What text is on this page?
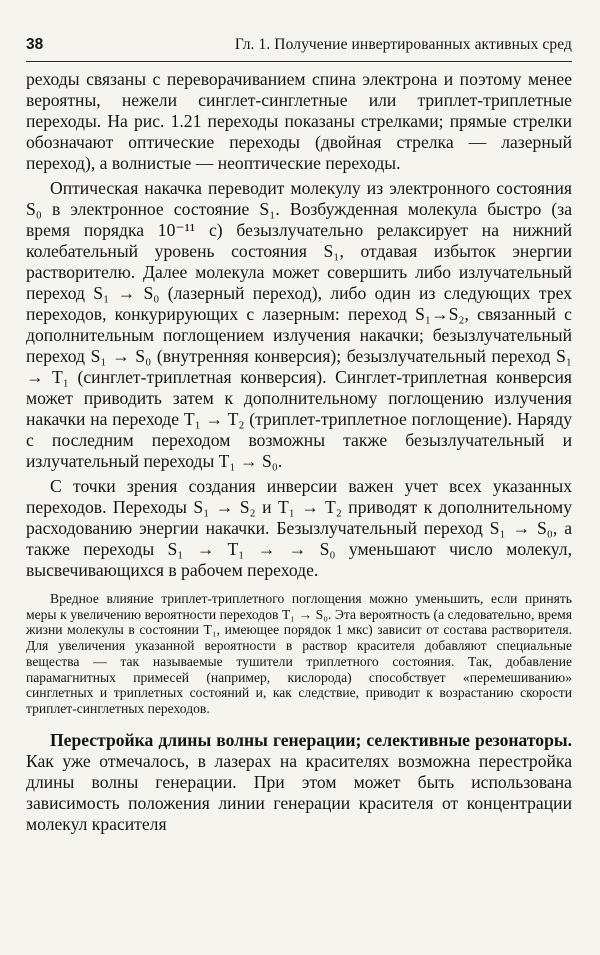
38	Гл. 1. Получение инвертированных активных сред

реходы связаны с переворачиванием спина электрона и поэтому менее вероятны, нежели синглет-синглетные или триплет-триплетные переходы. На рис. 1.21 переходы показаны стрелками; прямые стрелки обозначают оптические переходы (двойная стрелка — лазерный переход), а волнистые — неоптические переходы.

Оптическая накачка переводит молекулу из электронного состояния S₀ в электронное состояние S₁. Возбужденная молекула быстро (за время порядка 10⁻¹¹ с) безызлучательно релаксирует на нижний колебательный уровень состояния S₁, отдавая избыток энергии растворителю. Далее молекула может совершить либо излучательный переход S₁ → S₀ (лазерный переход), либо один из следующих трех переходов, конкурирующих с лазерным: переход S₁→S₂, связанный с дополнительным поглощением излучения накачки; безызлучательный переход S₁ → S₀ (внутренняя конверсия); безызлучательный переход S₁ → T₁ (синглет-триплетная конверсия). Синглет-триплетная конверсия может приводить затем к дополнительному поглощению излучения накачки на переходе T₁ → T₂ (триплет-триплетное поглощение). Наряду с последним переходом возможны также безызлучательный и излучательный переходы T₁ → S₀.

С точки зрения создания инверсии важен учет всех указанных переходов. Переходы S₁ → S₂ и T₁ → T₂ приводят к дополнительному расходованию энергии накачки. Безызлучательный переход S₁ → S₀, а также переходы S₁ → T₁ → → S₀ уменьшают число молекул, высвечивающихся в рабочем переходе.

Вредное влияние триплет-триплетного поглощения можно уменьшить, если принять меры к увеличению вероятности переходов T₁ → S₀. Эта вероятность (а следовательно, время жизни молекулы в состоянии T₁, имеющее порядок 1 мкс) зависит от состава растворителя. Для увеличения указанной вероятности в раствор красителя добавляют специальные вещества — так называемые тушители триплетного состояния. Так, добавление парамагнитных примесей (например, кислорода) способствует «перемешиванию» синглетных и триплетных состояний и, как следствие, приводит к возрастанию скорости триплет-синглетных переходов.

Перестройка длины волны генерации; селективные резонаторы. Как уже отмечалось, в лазерах на красителях возможна перестройка длины волны генерации. При этом может быть использована зависимость положения линии генерации красителя от концентрации молекул красителя
